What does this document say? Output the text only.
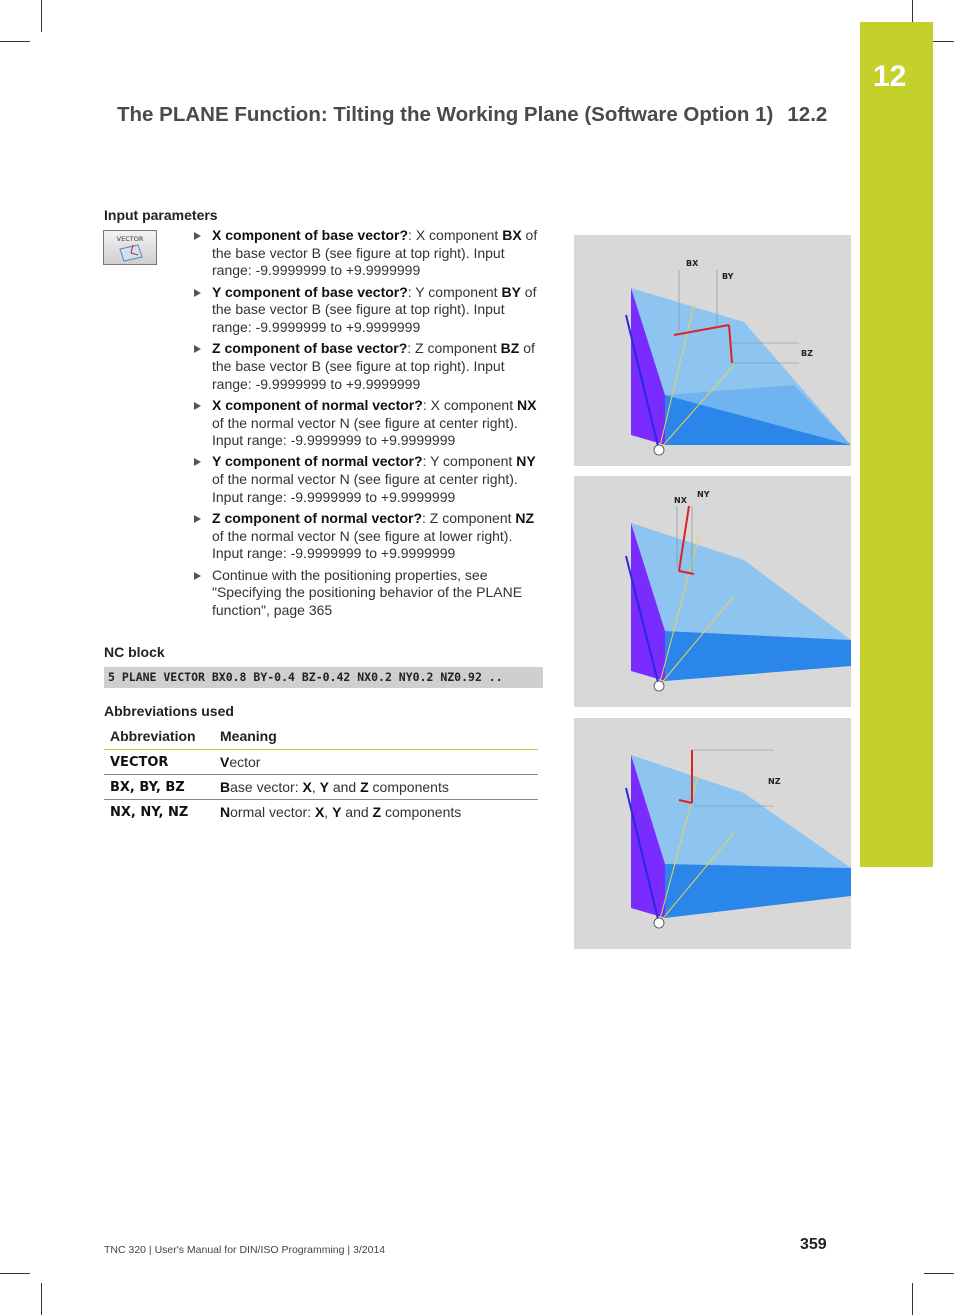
12
The PLANE Function: Tilting the Working Plane (Software Option 1) 12.2
Input parameters
VECTOR	X component of base vector?: X component BX of the base vector B (see figure at top right). Input range: -9.9999999 to +9.9999999
Y component of base vector?: Y component BY of the base vector B (see figure at top right). Input range: -9.9999999 to +9.9999999
Z component of base vector?: Z component BZ of the base vector B (see figure at top right). Input range: -9.9999999 to +9.9999999
X component of normal vector?: X component NX of the normal vector N (see figure at center right). Input range: -9.9999999 to +9.9999999
Y component of normal vector?: Y component NY of the normal vector N (see figure at center right). Input range: -9.9999999 to +9.9999999
Z component of normal vector?: Z component NZ of the normal vector N (see figure at lower right). Input range: -9.9999999 to +9.9999999
Continue with the positioning properties, see "Specifying the positioning behavior of the PLANE function", page 365
NC block
5 PLANE VECTOR BX0.8 BY-0.4 BZ-0.42 NX0.2 NY0.2 NZ0.92 ..
Abbreviations used
Abbreviation	Meaning
VECTOR	Vector
BX, BY, BZ	Base vector: X, Y and Z components
NX, NY, NZ	Normal vector: X, Y and Z components
BX
BY
BZ
NX
NY
NZ
TNC 320 | User's Manual for DIN/ISO Programming | 3/2014	359
